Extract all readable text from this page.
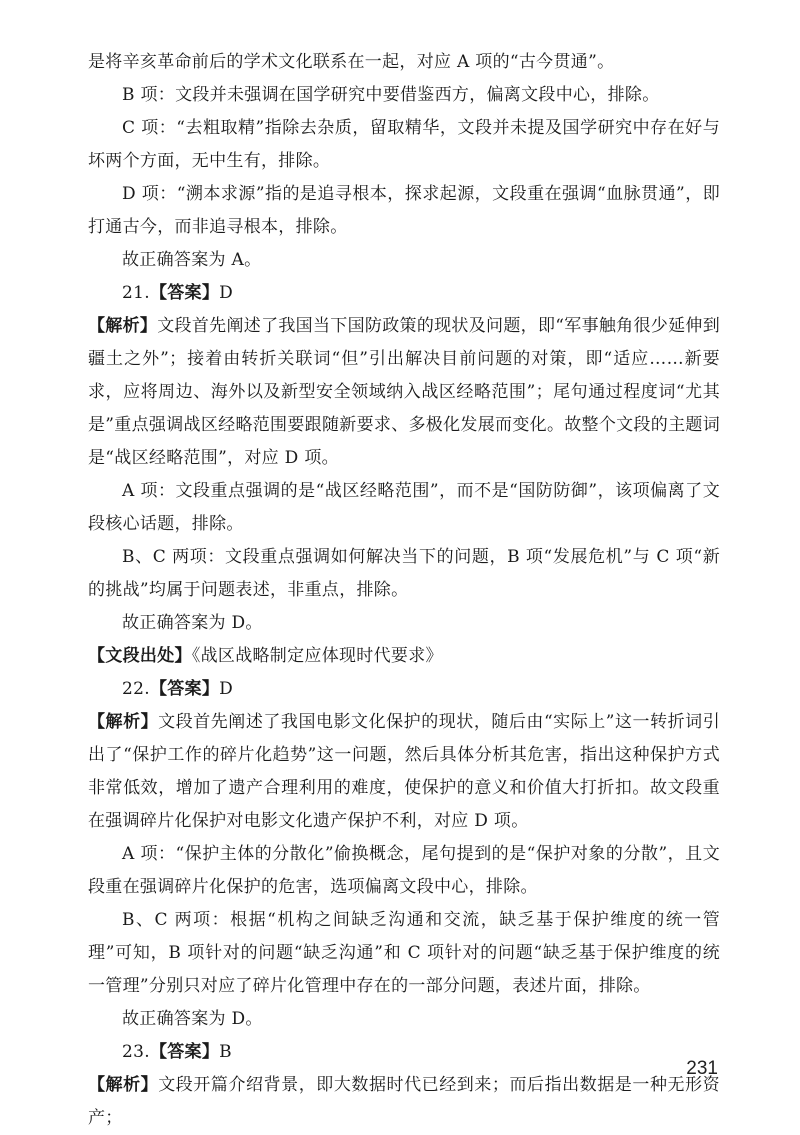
是将辛亥革命前后的学术文化联系在一起，对应 A 项的“古今贯通”。

B 项：文段并未强调在国学研究中要借鉴西方，偏离文段中心，排除。

C 项：“去粗取精”指除去杂质，留取精华，文段并未提及国学研究中存在好与坏两个方面，无中生有，排除。

D 项：“溯本求源”指的是追寻根本，探求起源，文段重在强调“血脉贯通”，即打通古今，而非追寻根本，排除。

故正确答案为 A。

21.【答案】D

【解析】文段首先阐述了我国当下国防政策的现状及问题，即“军事触角很少延伸到疆土之外”；接着由转折关联词“但”引出解决目前问题的对策，即“适应……新要求，应将周边、海外以及新型安全领域纳入战区经略范围”；尾句通过程度词“尤其是”重点强调战区经略范围要跟随新要求、多极化发展而变化。故整个文段的主题词是“战区经略范围”，对应 D 项。

A 项：文段重点强调的是“战区经略范围”，而不是“国防防御”，该项偏离了文段核心话题，排除。

B、C 两项：文段重点强调如何解决当下的问题，B 项“发展危机”与 C 项“新的挑战”均属于问题表述，非重点，排除。

故正确答案为 D。

【文段出处】《战区战略制定应体现时代要求》

22.【答案】D

【解析】文段首先阐述了我国电影文化保护的现状，随后由“实际上”这一转折词引出了“保护工作的碎片化趋势”这一问题，然后具体分析其危害，指出这种保护方式非常低效，增加了遗产合理利用的难度，使保护的意义和价值大打折扣。故文段重在强调碎片化保护对电影文化遗产保护不利，对应 D 项。

A 项：“保护主体的分散化”偷换概念，尾句提到的是“保护对象的分散”，且文段重在强调碎片化保护的危害，选项偏离文段中心，排除。

B、C 两项：根据“机构之间缺乏沟通和交流，缺乏基于保护维度的统一管理”可知，B 项针对的问题“缺乏沟通”和 C 项针对的问题“缺乏基于保护维度的统一管理”分别只对应了碎片化管理中存在的一部分问题，表述片面，排除。

故正确答案为 D。

23.【答案】B

【解析】文段开篇介绍背景，即大数据时代已经到来；而后指出数据是一种无形资产；

231
